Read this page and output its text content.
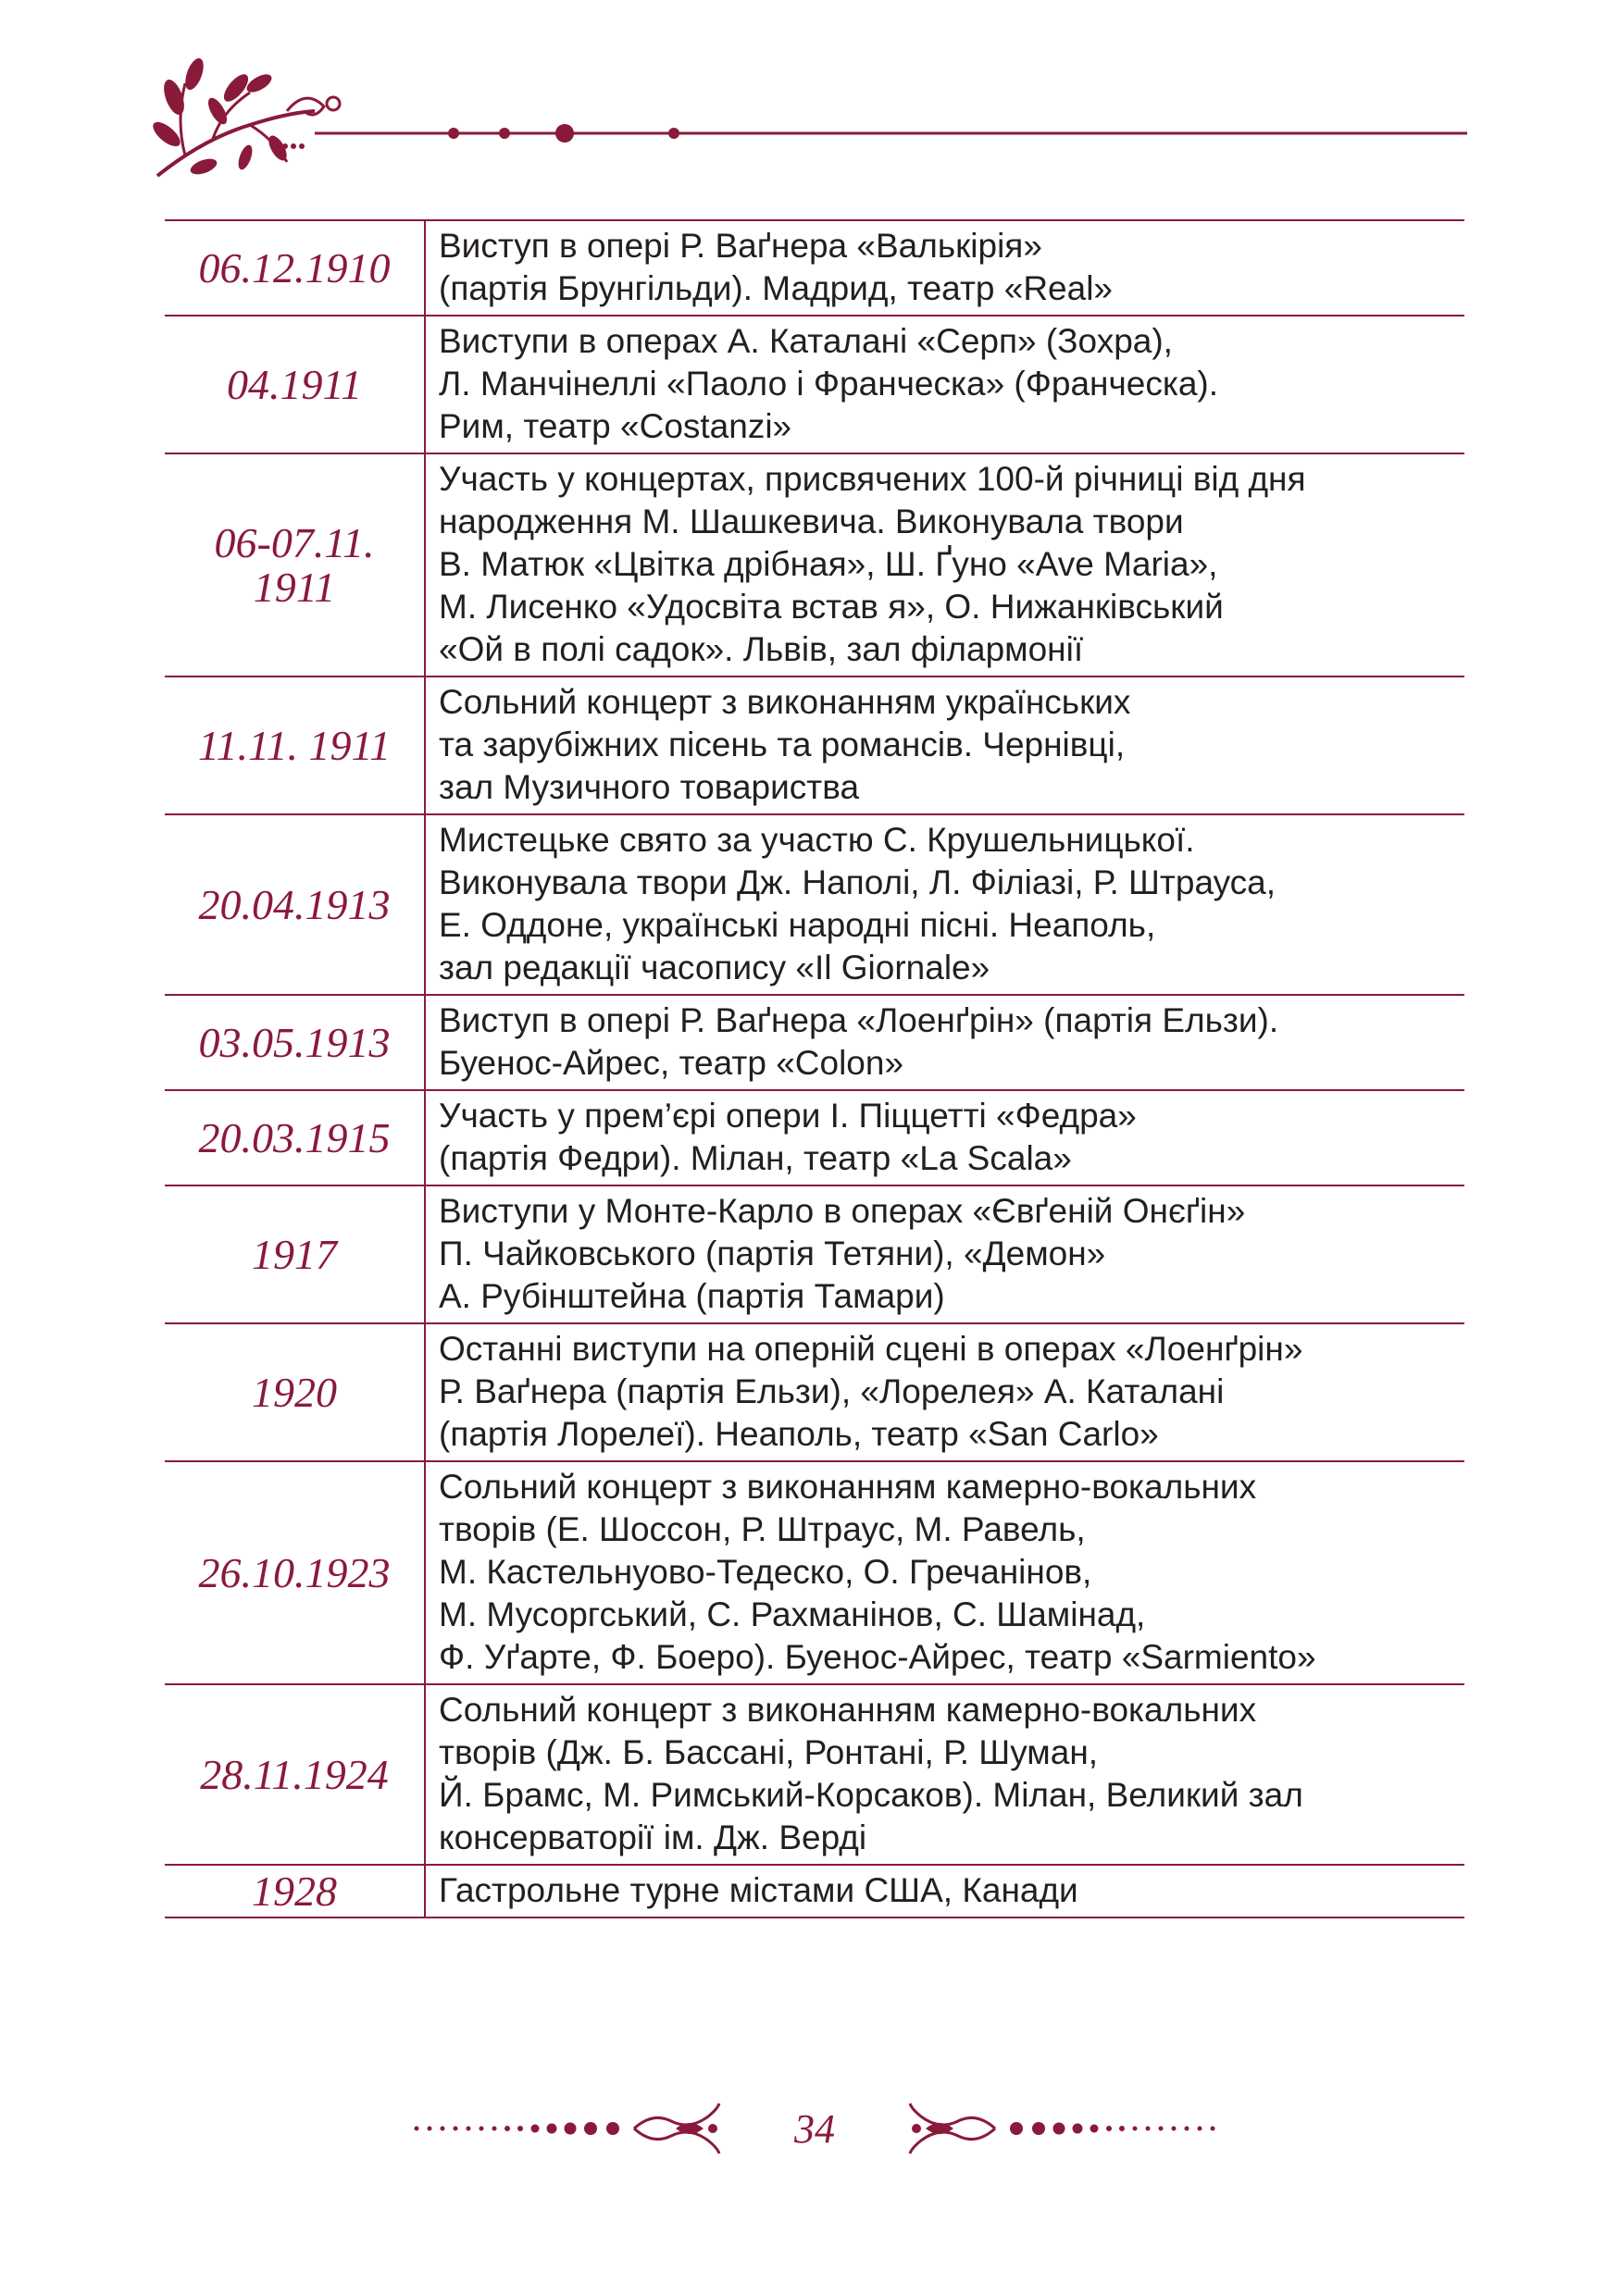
06.12.1910	Виступ в опері Р. Ваґнера «Валькірія»
(партія Брунгільди). Мадрид, театр «Real»

04.1911	Виступи в операх А. Каталані «Серп» (Зохра),
Л. Манчінеллі «Паоло і Франческа» (Франческа).
Рим, театр «Costanzi»

06-07.11.
1911	Участь у концертах, присвячених 100-й річниці від дня
народження М. Шашкевича. Виконувала твори
В. Матюк «Цвітка дрібная», Ш. Ґуно «Ave Maria»,
М. Лисенко «Удосвіта встав я», О. Нижанківський
«Ой в полі садок». Львів, зал філармонії

11.11. 1911	Сольний концерт з виконанням українських
та зарубіжних пісень та романсів. Чернівці,
зал Музичного товариства

20.04.1913	Мистецьке свято за участю С. Крушельницької.
Виконувала твори Дж. Наполі, Л. Філіазі, Р. Штрауса,
Е. Оддоне, українські народні пісні. Неаполь,
зал редакції часопису «Il Giornale»

03.05.1913	Виступ в опері Р. Ваґнера «Лоенґрін» (партія Ельзи).
Буенос-Айрес, театр «Colon»

20.03.1915	Участь у прем’єрі опери І. Піццетті «Федра»
(партія Федри). Мілан, театр «La Scala»

1917	Виступи у Монте-Карло в операх «Євґеній Онєґін»
П. Чайковського (партія Тетяни), «Демон»
А. Рубінштейна (партія Тамари)

1920	Останні виступи на оперній сцені в операх «Лоенґрін»
Р. Ваґнера (партія Ельзи), «Лорелея» А. Каталані
(партія Лорелеї). Неаполь, театр «San Carlo»

26.10.1923	Сольний концерт з виконанням камерно-вокальних
творів (Е. Шоссон, Р. Штраус, М. Равель,
М. Кастельнуово-Тедеско, О. Гречанінов,
М. Мусоргський, С. Рахманінов, С. Шамінад,
Ф. Уґарте, Ф. Боеро). Буенос-Айрес, театр «Sarmiento»

28.11.1924	Сольний концерт з виконанням камерно-вокальних
творів (Дж. Б. Бассані, Ронтані, Р. Шуман,
Й. Брамс, М. Римський-Корсаков). Мілан, Великий зал
консерваторії ім. Дж. Верді

1928	Гастрольне турне містами США, Канади
34
